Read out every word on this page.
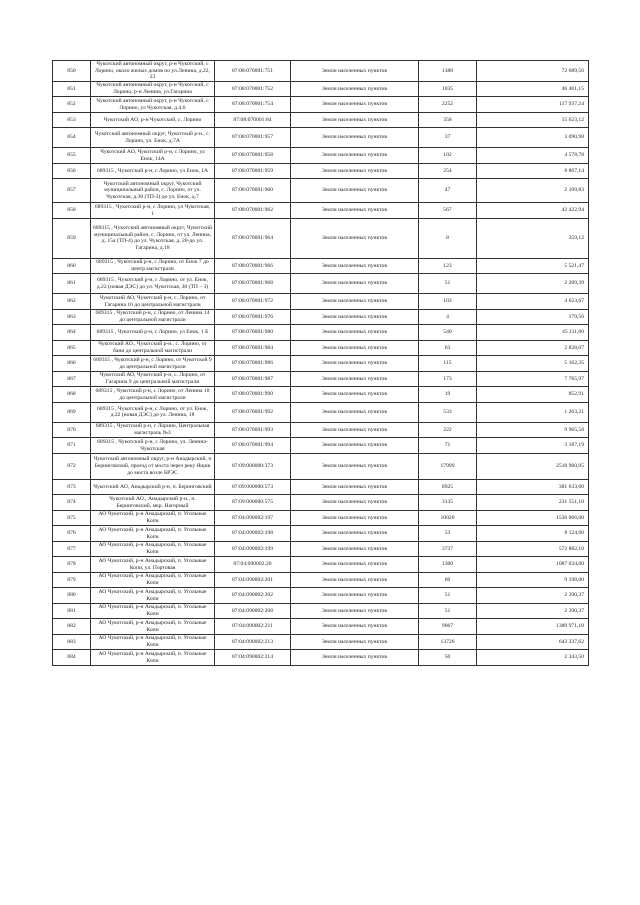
850	Чукотский автономный округ, р-н Чукотский, с Лорино, около жилых домов по ул.Ленина, д.22, 23	87:08:070001:751	Земли населенных пунктов	1388	72 689,56
851	Чукотский автономный округ, р-н Чукотский, с Лорино, р-н Ленина, ул.Гагарина	87:08:070001:752	Земли населенных пунктов	1035	46 461,15
852	Чукотский автономный округ, р-н Чукотский, с Лорино, ул Чукотская, д.4,6	87:08:070001:754	Земли населенных пунктов	2252	117 937,24
853	Чукотский АО, р-н Чукотский, с. Лорино	87:08:070001:84	Земли населенных пунктов	358	15 623,12
854	Чукотский автономный округ, Чукотский р-н., с. Лорино, ул. Енок, д.7А	87:08:070001:957	Земли населенных пунктов	37	3 090,98
855	Чукотский АО, Чукотский р-н, с Лорино, ул Енок, 14А	87:08:070001:958	Земли населенных пунктов	102	4 578,78
856	689315 , Чукотский р-н, с Лорино, ул Енок, 1А	87:08:070001:959	Земли населенных пунктов	254	8 867,14
857	Чукотский автономный округ, Чукотский муниципальный район, с. Лорино, от ул. Чукотская, д.30 (ТП-3) до ул. Енок, д.7	87:08:070001:960	Земли населенных пунктов	47	2 109,83
858	689315 , Чукотский р-н, с Лорино, ул Чукотская, 1	87:08:070001:962	Земли населенных пунктов	567	42 422,94
859	689315 , Чукотский автономный округ, Чукотский муниципальный район, с. Лорино, от ул. Ленина, д. 15а (ТП-4) до ул. Чукотская, д. 20-до ул. Гагарина, д.18	87:08:070001:964	Земли населенных пунктов	8	359,12
860	689315 , Чукотский р-н, с Лорино, от Енок 7 до центр магистрали	87:08:070001:966	Земли населенных пунктов	123	5 521,47
861	689315 , Чукотский р-н, с Лорино, от ул. Енок, д.22 (новая ДЭС) до ул. Чукотская, 30 (ТП – 3)	87:08:070001:968	Земли населенных пунктов	51	2 289,39
862	Чукотский АО, Чукотский р-н, с. Лорино, от Гагарина 16 до центральной магистрали	87:08:070001:972	Земли населенных пунктов	103	4 623,67
863	689315 , Чукотский р-н, с Лорино, от Ленина 14 до центральной магистрали	87:08:070001:976	Земли населенных пунктов	4	179,56
864	689315 , Чукотский р-н, с Лорино, ул Енок, 1 Б	87:08:070001:980	Земли населенных пунктов	540	45 111,60
865	Чукотский АО., Чукотский р-н., с. Лорино, от бани до центральной магистрали	87:08:070001:984	Земли населенных пунктов	63	2 828,07
866	689315 , Чукотский р-н, с Лорино, от Чукотской 9 до центральной магистрали	87:08:070001:986	Земли населенных пунктов	115	5 162,35
867	Чукотский АО, Чукотский р-н, с. Лорино, от Гагарина 9 до центральной магистрали	87:08:070001:987	Земли населенных пунктов	173	7 765,97
868	689315 , Чукотский р-н, с Лорино, от Ленина 18 до центральной магистрали	87:08:070001:990	Земли населенных пунктов	19	852,91
869	689315 , Чукотский р-н, с Лорино, от ул. Енок, д.22 (новая ДЭС) до ул. Ленина, 18	87:08:070001:992	Земли населенных пунктов	533	1 263,21
870	689315 , Чукотский р-н, с Лорино, Центральная магистраль №3	87:08:070001:993	Земли населенных пунктов	222	9 965,58
871	689315 , Чукотский р-н, с Лорино, ул. Ленина-Чукотская	87:08:070001:994	Земли населенных пунктов	71	3 187,19
872	Чукотский автономный округ, р-н Анадырский, п Беринговский, проезд от моста через реку Ящик до моста возле БРЭС	87:09:000000:373	Земли населенных пунктов	17999	2518 960,05
873	Чукотский АО, Анадырский р-н, п. Беринговский	87:09:000000:573	Земли населенных пунктов	8925	381 633,00
874	Чукотский АО., Анадырский р-н., п. Беринговский, мкр. Нагорный	87:09:000000:575	Земли населенных пунктов	3135	231 551,10
875	АО Чукотский, р-н Анадырский, п. Угольные Копи	87:04:090002:197	Земли населенных пунктов	10020	1536 066,00
876	АО Чукотский, р-н Анадырский, п. Угольные Копи	87:04:090002:198	Земли населенных пунктов	53	8 124,90
877	АО Чукотский, р-н Анадырский, п. Угольные Копи	87:04:090002:199	Земли населенных пунктов	3737	572 882,10
878	АО Чукотский, р-н Анадырский, п. Угольные Копи, ул. Портовая	87:04:090002:20	Земли населенных пунктов	1300	1087 034,00
879	АО Чукотский, р-н Анадырский, п. Угольные Копи	87:04:090002:201	Земли населенных пунктов	60	9 198,00
880	АО Чукотский, р-н Анадырский, п. Угольные Копи	87:04:090002:202	Земли населенных пунктов	51	2 390,37
881	АО Чукотский, р-н Анадырский, п. Угольные Копи	87:04:090002:208	Земли населенных пунктов	51	2 390,37
882	АО Чукотский, р-н Анадырский, п. Угольные Копи	87:04:090002:211	Земли населенных пунктов	9067	1389 971,10
883	АО Чукотский, р-н Анадырский, п. Угольные Копи	87:04:090002:213	Земли населенных пунктов	13726	643 337,62
884	АО Чукотский, р-н Анадырский, п. Угольные Копи	87:04:090002:214	Земли населенных пунктов	50	2 343,50
